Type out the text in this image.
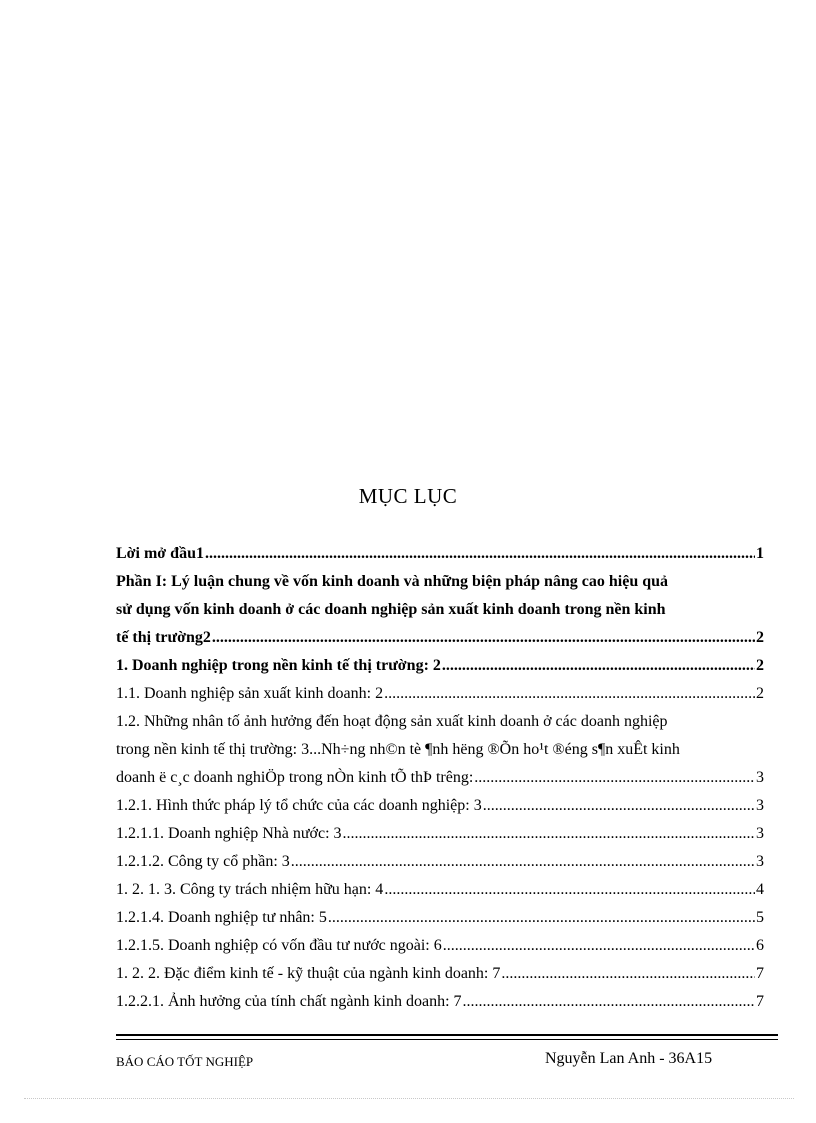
MỤC LỤC
Lời mở đầu1 .....	1
Phần I: Lý luận chung về vốn kinh doanh và những biện pháp nâng cao hiệu quả
sử dụng vốn kinh doanh ở các doanh nghiệp sản xuất kinh doanh trong nền kinh
tế thị trường2 .....	2
1. Doanh nghiệp trong nền kinh tế thị trường: 2 .....	2
1.1. Doanh nghiệp sản xuất kinh doanh: 2 .....	2
1.2. Những nhân tố ảnh hưởng đến hoạt động sản xuất kinh doanh ở các doanh nghiệp
trong nền kinh tế thị trường: 3...Nh÷ng nh©n tè ¶nh hëng ®Õn ho¹t ®éng s¶n xuÊt kinh
doanh ë c¸c doanh nghiÖp trong nÒn kinh tÕ thÞ trêng: .....	3
1.2.1. Hình thức pháp lý tổ chức của các doanh nghiệp: 3 .....	3
1.2.1.1. Doanh nghiệp Nhà nước: 3 .....	3
1.2.1.2. Công ty cổ phần: 3 .....	3
1. 2. 1. 3. Công ty trách nhiệm hữu hạn: 4 .....	4
1.2.1.4. Doanh nghiệp tư nhân: 5 .....	5
1.2.1.5. Doanh nghiệp có vốn đầu tư nước ngoài: 6 .....	6
1. 2. 2. Đặc điểm kinh tế - kỹ thuật của ngành kinh doanh: 7 .....	7
1.2.2.1. Ảnh hưởng của tính chất ngành kinh doanh: 7 .....	7
BÁO CÁO TỐT NGHIỆP	Nguyễn Lan Anh - 36A15
